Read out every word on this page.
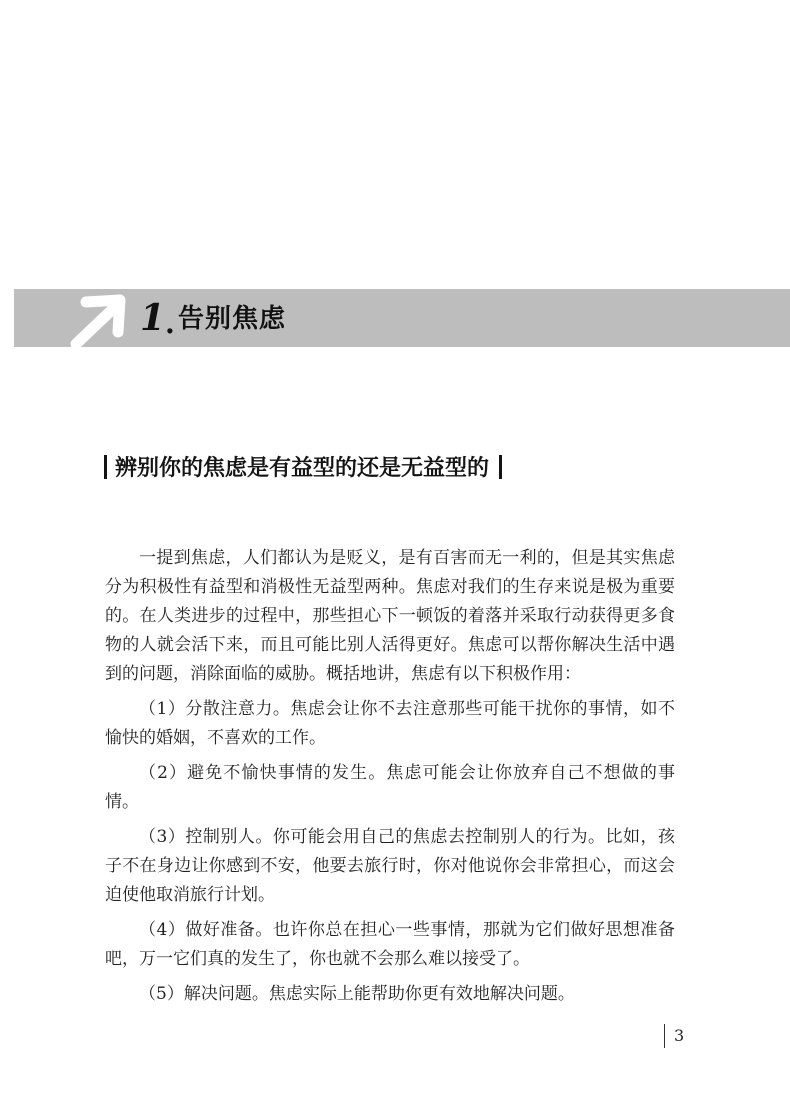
1 . 告别焦虑
辨别你的焦虑是有益型的还是无益型的

一提到焦虑，人们都认为是贬义，是有百害而无一利的，但是其实焦虑分为积极性有益型和消极性无益型两种。焦虑对我们的生存来说是极为重要的。在人类进步的过程中，那些担心下一顿饭的着落并采取行动获得更多食物的人就会活下来，而且可能比别人活得更好。焦虑可以帮你解决生活中遇到的问题，消除面临的威胁。概括地讲，焦虑有以下积极作用：

（1）分散注意力。焦虑会让你不去注意那些可能干扰你的事情，如不愉快的婚姻，不喜欢的工作。

（2）避免不愉快事情的发生。焦虑可能会让你放弃自己不想做的事情。

（3）控制别人。你可能会用自己的焦虑去控制别人的行为。比如，孩子不在身边让你感到不安，他要去旅行时，你对他说你会非常担心，而这会迫使他取消旅行计划。

（4）做好准备。也许你总在担心一些事情，那就为它们做好思想准备吧，万一它们真的发生了，你也就不会那么难以接受了。

（5）解决问题。焦虑实际上能帮助你更有效地解决问题。

3
